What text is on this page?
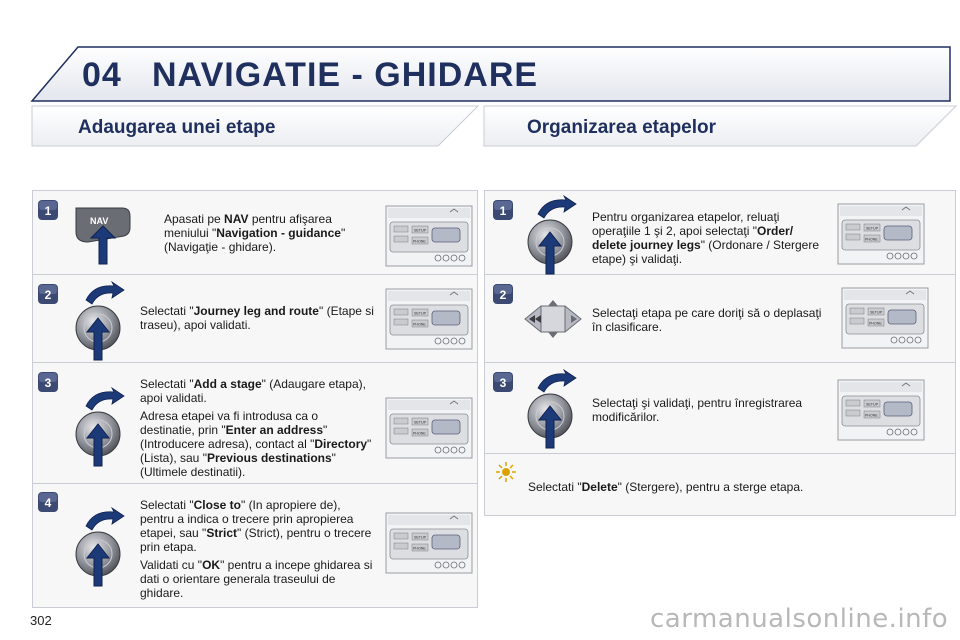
04 NAVIGATIE - GHIDARE
Adaugarea unei etape	Organizarea etapelor
1
2
3
4
1
2
3
NAV
SETUP
PHONE
SETUP
PHONE
SETUP
PHONE
SETUP
PHONE
SETUP
PHONE
SETUP
PHONE
SETUP
PHONE
Apasati pe NAV pentru afişarea meniului "Navigation - guidance" (Navigaţie - ghidare).
Selectati "Journey leg and route" (Etape si traseu), apoi validati.
Selectati "Add a stage" (Adaugare etapa), apoi validati.
Adresa etapei va fi introdusa ca o destinatie, prin "Enter an address" (Introducere adresa), contact al "Directory" (Lista), sau "Previous destinations" (Ultimele destinatii).
Selectati "Close to" (In apropiere de), pentru a indica o trecere prin apropierea etapei, sau "Strict" (Strict), pentru o trecere prin etapa.
Validati cu "OK" pentru a incepe ghidarea si dati o orientare generala traseului de ghidare.
Pentru organizarea etapelor, reluaţi operaţiile 1 şi 2, apoi selectaţi "Order/ delete journey legs" (Ordonare / Stergere etape) şi validaţi.
Selectaţi etapa pe care doriţi să o deplasaţi în clasificare.
Selectaţi şi validaţi, pentru înregistrarea modificărilor.
Selectati "Delete" (Stergere), pentru a sterge etapa.
302	carmanualsonline.info
